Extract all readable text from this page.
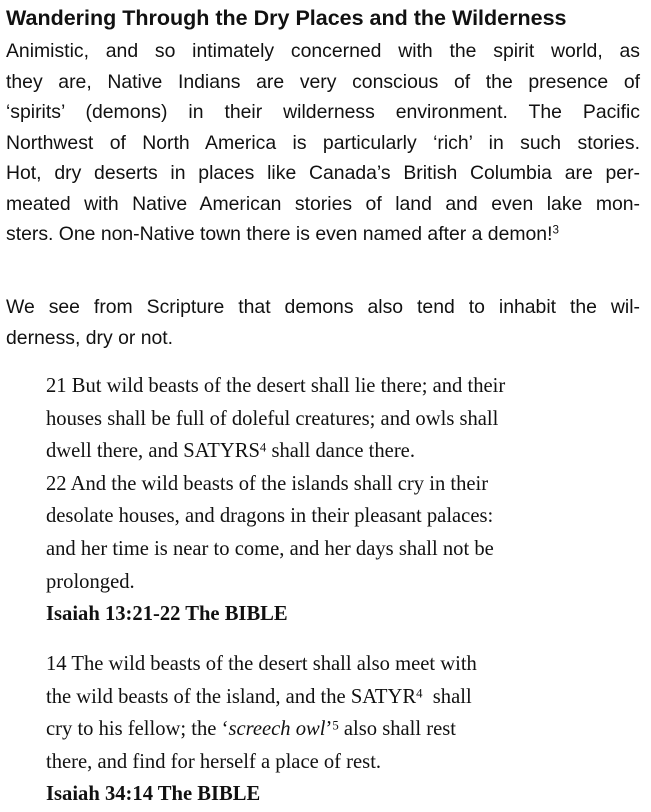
Wandering Through the Dry Places and the Wilderness
Animistic, and so intimately concerned with the spirit world, as
they are, Native Indians are very conscious of the presence of
‘spirits’ (demons) in their wilderness environment. The Pacific
Northwest of North America is particularly ‘rich’ in such stories.
Hot, dry deserts in places like Canada’s British Columbia are per-
meated with Native American stories of land and even lake mon-
sters. One non-Native town there is even named after a demon!$^3$
We see from Scripture that demons also tend to inhabit the wil-
derness, dry or not.
21 But wild beasts of the desert shall lie there; and their
houses shall be full of doleful creatures; and owls shall
dwell there, and SATYRS$^4$ shall dance there.
22 And the wild beasts of the islands shall cry in their
desolate houses, and dragons in their pleasant palaces:
and her time is near to come, and her days shall not be
prolonged.
Isaiah 13:21-22 The BIBLE
14 The wild beasts of the desert shall also meet with
the wild beasts of the island, and the SATYR$^4$  shall
cry to his fellow; the ‘screech owl’$^5$ also shall rest
there, and find for herself a place of rest.
Isaiah 34:14 The BIBLE
